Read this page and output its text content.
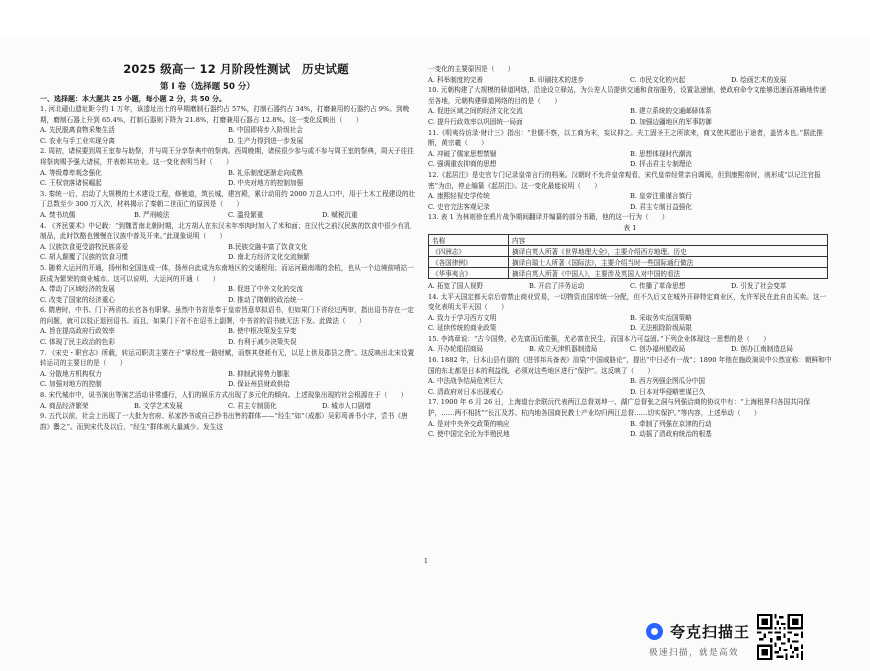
2025 级高一 12 月阶段性测试　历史试题
第 I 卷（选择题 50 分）
一、选择题：本大题共 25 小题，每小题 2 分，共 50 分。
1. 河北磁山遗址距今约 1 万年，该遗址出土的早期磨制石器约占 57%，打制石器约占 34%，打磨兼用的石器约占 9%。到晚期，磨制石器上升到 65.4%，打制石器则下降为 21.8%，打磨兼用石器占 12.8%。这一变化反映出（　　）
A. 先民脱离食物采集生活	B. 中国即将步入阶级社会
C. 农业与手工业实现分离	D. 生产力得到进一步发展
2. 周初，诸侯要到周王室参与助祭，并与周王分享祭典中的祭肉。西周晚期，诸侯很少参与或不参与周王室的祭典，周天子往往将祭肉赐予强大诸侯，并表彰其功业。这一变化表明当时（　　）
A. 等级尊卑观念强化	B. 礼乐制度逐渐走向成熟
C. 王权衰落诸侯崛起	D. 中央对地方的控制加强
3. 秦统一后，启动了大规模的土木建设工程，修驰道，筑长城，建宫殿，累计动用约 2000 万总人口中，用于土木工程建设的壮丁总数至少 300 万人次，材料揭示了秦朝二世而亡的原因是（　　）
A. 焚书坑儒	B. 严刑峻法	C. 滥役繁重	D. 赋税沉重
4. 《齐民要术》中记载：“到魏晋南北朝时期，北方胡人在东汉末年率肉时加入了米和面；在汉代之前汉民族的饮食中很少有乳制品，此时饮酪也慢慢在汉族中普及开来。”此现象说明（　　）
A. 汉族饮食更受游牧民族喜爱	B.民族交融丰富了饮食文化
C. 胡人颠覆了汉族的饮食习惯	D. 南北方经济文化交流频繁
5. 随着大运河的开通，扬州和全国连成一体，扬州自此成为东南地区的交通枢纽；而运河最南端的余杭，也从一个边境前哨站一跃成为繁荣的商业城市。这可以说明，大运河的开通（　　）
A. 带动了区域经济的发展	B. 促进了中外文化的交流
C. 改变了国家的经济重心	D. 推动了隋朝的政治统一
6. 隋唐时，中书、门下两省的长官各有职掌。虽然中书省是奉于皇帝旨意草拟诏书，但如果门下省经过两审，指出诏书存在一定的问题，就可以驳正退回诏书。而且，如果门下省不在诏书上副署，中书省的诏书就无法下发。此做法（　　）
A. 旨在提高政府行政效率	B. 使中枢决策发生异变
C. 体现了民主政治的色彩	D. 有利于减少决策失误
7. 《宋史・职官志》所载，转运司职责主要在于“掌经度一路财赋，而察其登耗有无，以足上供及郡县之费”。这反映出北宋设置转运司的主要目的是（　　）
A. 分散地方机构权力	B. 抑制武将势力膨胀
C. 加强对地方的控制	D. 保证州县财政供给
8. 宋代城市中，说书演出等演艺活动非常盛行，人们的娱乐方式出现了多元化的倾向。上述现象出现的社会根源在于（　　）
A. 商品经济繁荣	B. 文学艺术发展	C. 君主专制弱化	D. 城市人口剧增
9. 五代以前，社会上出现了一大批为官府、私家抄书或自己抄书出售的群体——“经生”如“（成都）吴彩鸾善书小字，尝书《唐韵》鬻之”。而到宋代及以后，“经生”群体则大量减少。发生这
一变化的主要原因是（　　）
A. 科举制度的完善	B. 印刷技术的进步	C. 市民文化的兴起	D. 绘画艺术的发展
10. 元朝构建了大规模的驿道网络，沿途设立驿站，为公差人员提供交通和食宿服务，设置急递铺，使政府命令文能够迅速而准确地传递至各地，元朝构建驿道网络的目的是（　　）
A. 促进区域之间的经济文化交流	B. 建立系统的交通邮驿体系
C. 提升行政效率以巩固统一局面	D. 加强边疆地区的军事防御
11.《明夷待访录·财计三》指出：“世儒不察，以工商为末，妄议抑之。夫工固圣王之所欲来，商又使其愿出于途者，盖皆本也。”据此推断，黄宗羲（　　）
A. 冲破了儒家思想禁锢	B. 思想体现时代潮流
C. 强调重农抑商的思想	D. 抨击君主专制理论
12.《起居注》是史官专门记录皇帝言行的档案。汉朝时不允许皇帝观看，宋代皇帝经常亲自调阅，但到康熙帝时，则形成“以记注官报密”为由，停止编纂《起居注》。这一变化最能说明（　　）
A. 康熙轻视史学传统	B. 皇帝注重谨言慎行
C. 史官完法客观记录	D. 君主专制日益强化
13. 表 1 为林则徐在鸦片战争期间翻译并编纂的部分书籍，他的这一行为（　　）
表 1
名称	内容
《四洲志》	摘译自英人所著《世界地理大全》，主要介绍西方地理、历史
《各国律例》	摘译自瑞士人所著《国际法》，主要介绍当时一些国际通行做法
《华事夷言》	摘译自英人所著《中国人》，主要涉及英国人对中国的看法
A. 拓宽了国人视野	B. 开启了洋务运动	C. 传播了革命思想	D. 引发了社会变革
14. 太平天国定都天京后曾禁止商业贸易，一切物资由国库统一分配，但不久后又在城外开辟特定商业区，允许军民在此自由买卖。这一变化表明太平天国（　　）
A. 致力于学习西方文明	B. 采取务实治国策略
C. 延续传统的商业政策	D. 无法根除阶级局限
15. 李鸿章说：“古今国势，必先富而后能强，尤必富在民生，而国本乃可益固。”下列企业体现这一思想的是（　　）
A. 开办轮船招商局	B. 成立天津机器制造局	C. 创办福州船政局	D. 创办江南制造总局
16. 1882 年，日本山县有朋的《进邻邦兵备表》渲染“中国威胁论”，提出“中日必有一战”；1890 年他在施政演说中公然宣称：朝鲜和中国的东北都是日本的利益线，必须对这些地区进行“保护”。这反映了（　　）
A. 中法战争结局危害巨大	B. 西方列强企图瓜分中国
C. 清政府对日本出现戒心	D. 日本对华侵略密谋已久
17. 1900 年 6 月 26 日，上海道台余联沅代表两江总督刘坤一、湖广总督张之洞与列强洽商的协议中有：“上海租界归各国共同保护，……两不相扰”“长江及苏、杭内地各国商民教士产业均归两江总督……切实保护。”等内容，上述举动（　　）
A. 是对中央外交政策的响应	B. 牵制了列强在京津的行动
C. 使中国完全沦为半殖民地	D. 动摇了清政府统治的根基
1
夸克扫描王
极速扫描，就是高效
